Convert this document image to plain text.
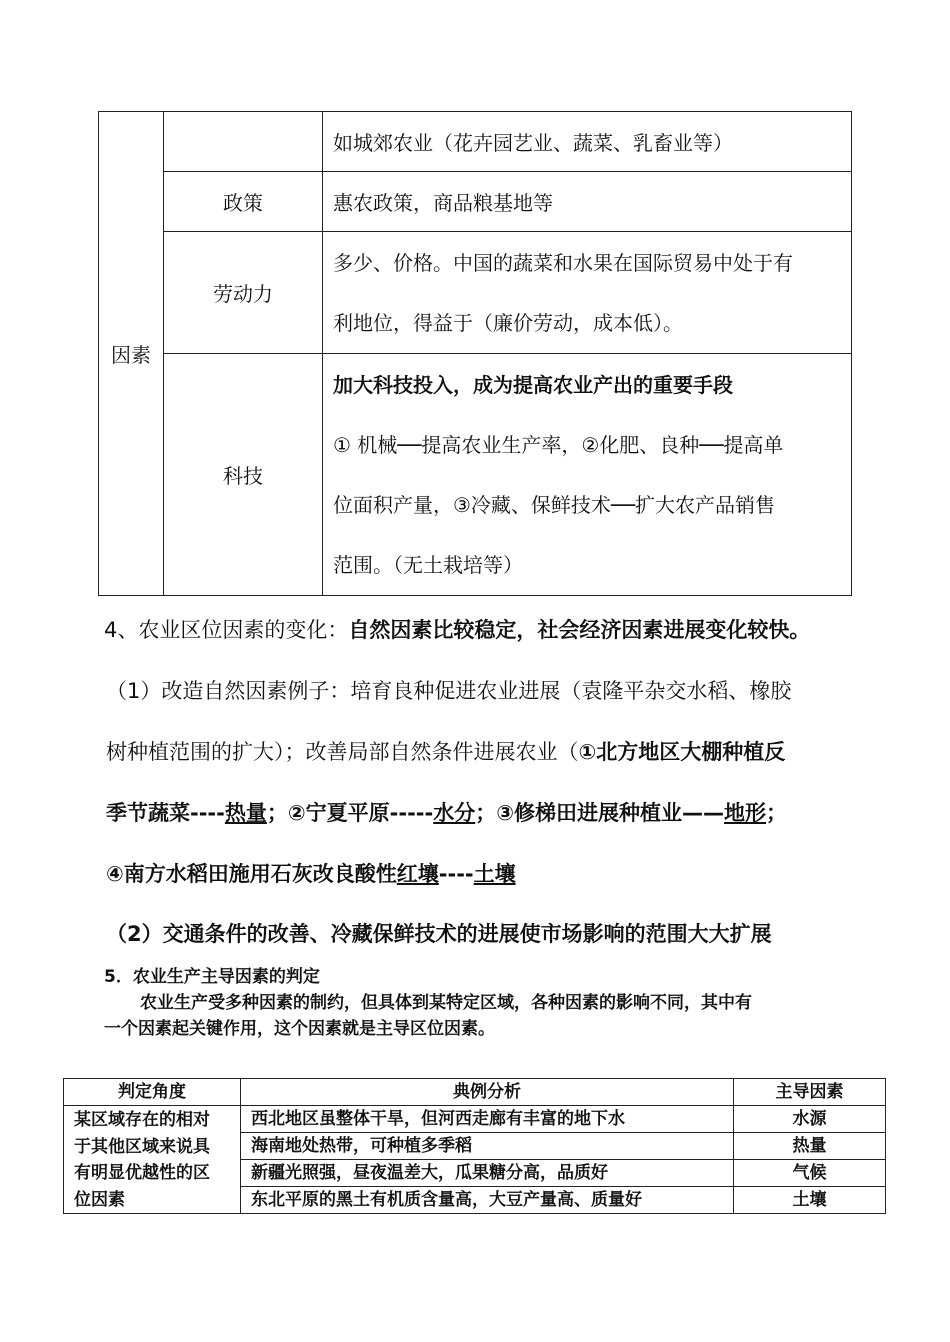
因素		如城郊农业（花卉园艺业、蔬菜、乳畜业等）
	政策	惠农政策，商品粮基地等
	劳动力	多少、价格。中国的蔬菜和水果在国际贸易中处于有
利地位，得益于（廉价劳动，成本低）。

	科技	加大科技投入，成为提高农业产出的重要手段
① 机械──提高农业生产率，②化肥、良种──提高单
位面积产量，③冷藏、保鲜技术──扩大农产品销售
范围。（无土栽培等）
4、农业区位因素的变化：自然因素比较稳定，社会经济因素进展变化较快。
（1）改造自然因素例子：培育良种促进农业进展（袁隆平杂交水稻、橡胶
树种植范围的扩大）；改善局部自然条件进展农业（①北方地区大棚种植反
季节蔬菜----热量；②宁夏平原-----水分；③修梯田进展种植业——地形；
④南方水稻田施用石灰改良酸性红壤----土壤
（2）交通条件的改善、冷藏保鲜技术的进展使市场影响的范围大大扩展
5．农业生产主导因素的判定
农业生产受多种因素的制约，但具体到某特定区域，各种因素的影响不同，其中有
一个因素起关键作用，这个因素就是主导区位因素。
判定角度	典例分析	主导因素

某区域存在的相对
于其他区域来说具
有明显优越性的区
位因素	西北地区虽整体干旱，但河西走廊有丰富的地下水	水源
	海南地处热带，可种植多季稻	热量
	新疆光照强，昼夜温差大，瓜果糖分高，品质好	气候
	东北平原的黑土有机质含量高，大豆产量高、质量好	土壤
